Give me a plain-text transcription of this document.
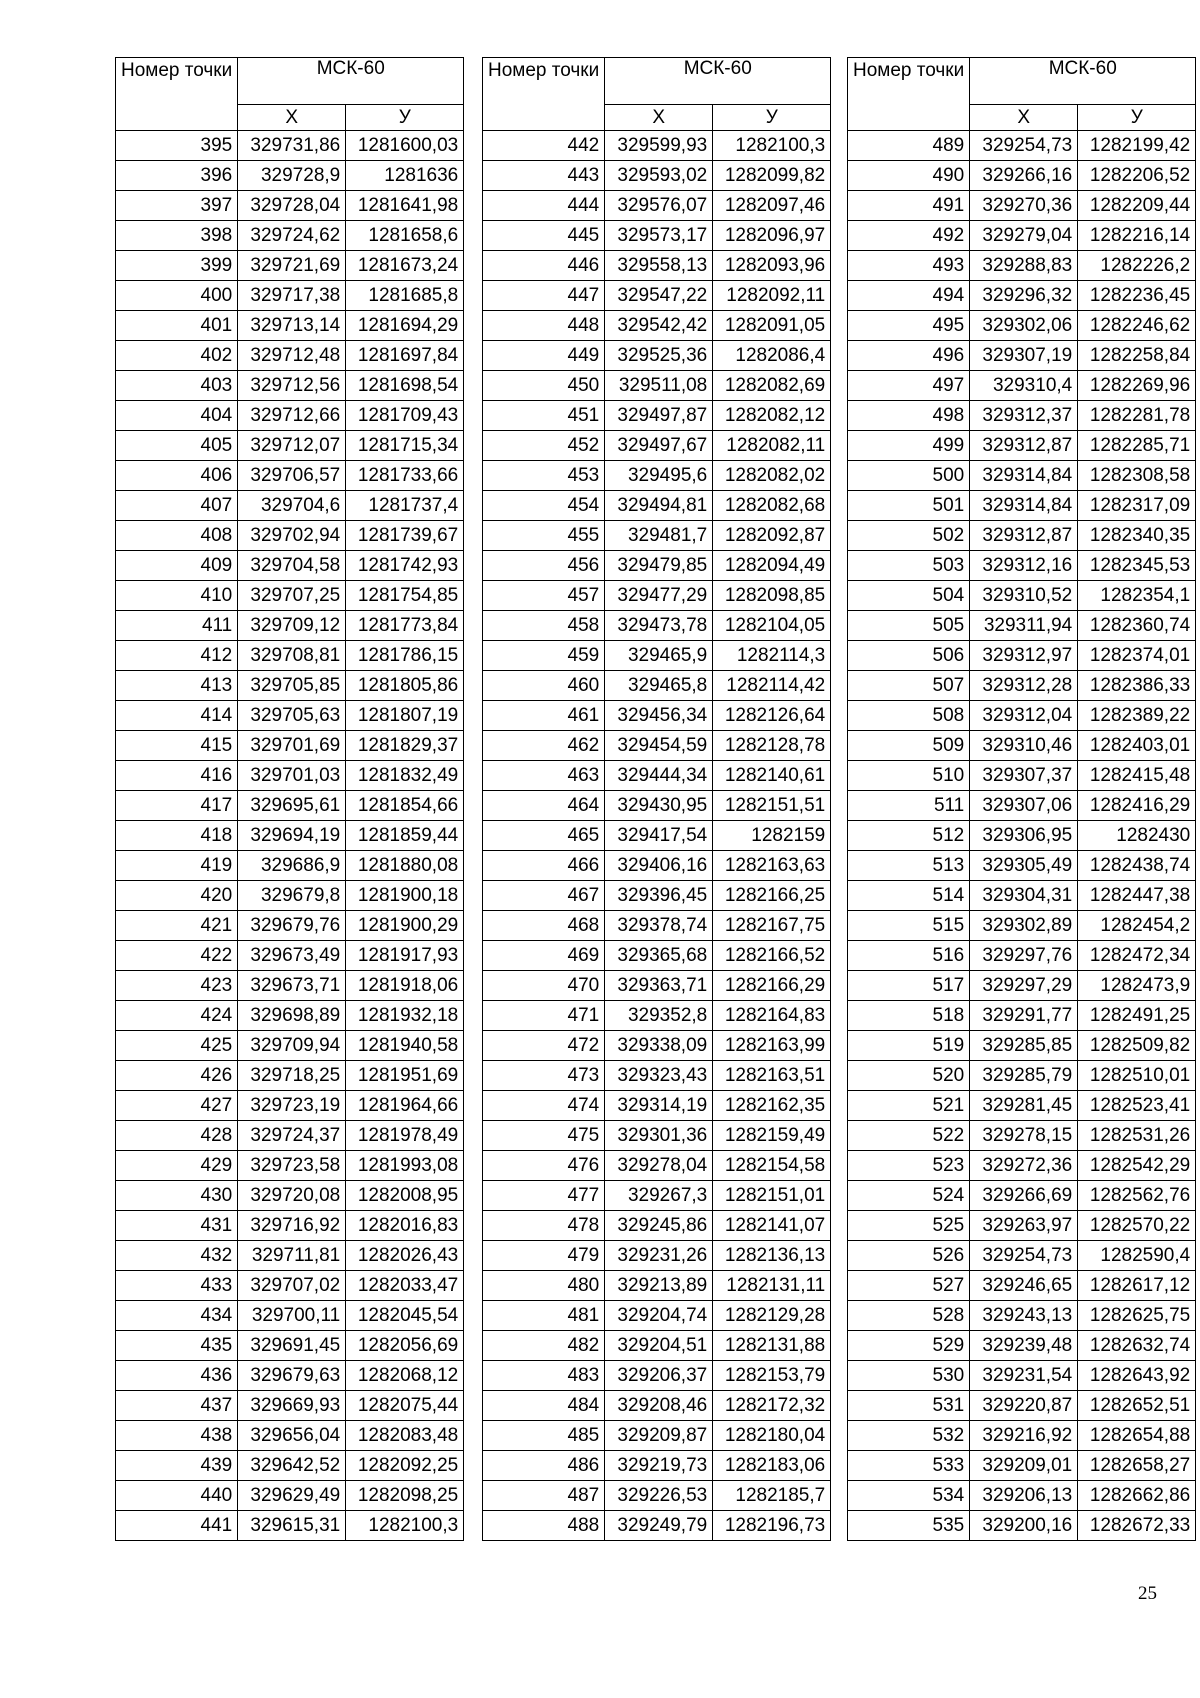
Номер точки	МСК-60	
	Х	У
395	329731,86	1281600,03
396	329728,9	1281636
397	329728,04	1281641,98
398	329724,62	1281658,6
399	329721,69	1281673,24
400	329717,38	1281685,8
401	329713,14	1281694,29
402	329712,48	1281697,84
403	329712,56	1281698,54
404	329712,66	1281709,43
405	329712,07	1281715,34
406	329706,57	1281733,66
407	329704,6	1281737,4
408	329702,94	1281739,67
409	329704,58	1281742,93
410	329707,25	1281754,85
411	329709,12	1281773,84
412	329708,81	1281786,15
413	329705,85	1281805,86
414	329705,63	1281807,19
415	329701,69	1281829,37
416	329701,03	1281832,49
417	329695,61	1281854,66
418	329694,19	1281859,44
419	329686,9	1281880,08
420	329679,8	1281900,18
421	329679,76	1281900,29
422	329673,49	1281917,93
423	329673,71	1281918,06
424	329698,89	1281932,18
425	329709,94	1281940,58
426	329718,25	1281951,69
427	329723,19	1281964,66
428	329724,37	1281978,49
429	329723,58	1281993,08
430	329720,08	1282008,95
431	329716,92	1282016,83
432	329711,81	1282026,43
433	329707,02	1282033,47
434	329700,11	1282045,54
435	329691,45	1282056,69
436	329679,63	1282068,12
437	329669,93	1282075,44
438	329656,04	1282083,48
439	329642,52	1282092,25
440	329629,49	1282098,25
441	329615,31	1282100,3
Номер точки	МСК-60	
	Х	У
442	329599,93	1282100,3
443	329593,02	1282099,82
444	329576,07	1282097,46
445	329573,17	1282096,97
446	329558,13	1282093,96
447	329547,22	1282092,11
448	329542,42	1282091,05
449	329525,36	1282086,4
450	329511,08	1282082,69
451	329497,87	1282082,12
452	329497,67	1282082,11
453	329495,6	1282082,02
454	329494,81	1282082,68
455	329481,7	1282092,87
456	329479,85	1282094,49
457	329477,29	1282098,85
458	329473,78	1282104,05
459	329465,9	1282114,3
460	329465,8	1282114,42
461	329456,34	1282126,64
462	329454,59	1282128,78
463	329444,34	1282140,61
464	329430,95	1282151,51
465	329417,54	1282159
466	329406,16	1282163,63
467	329396,45	1282166,25
468	329378,74	1282167,75
469	329365,68	1282166,52
470	329363,71	1282166,29
471	329352,8	1282164,83
472	329338,09	1282163,99
473	329323,43	1282163,51
474	329314,19	1282162,35
475	329301,36	1282159,49
476	329278,04	1282154,58
477	329267,3	1282151,01
478	329245,86	1282141,07
479	329231,26	1282136,13
480	329213,89	1282131,11
481	329204,74	1282129,28
482	329204,51	1282131,88
483	329206,37	1282153,79
484	329208,46	1282172,32
485	329209,87	1282180,04
486	329219,73	1282183,06
487	329226,53	1282185,7
488	329249,79	1282196,73
Номер точки	МСК-60	
	Х	У
489	329254,73	1282199,42
490	329266,16	1282206,52
491	329270,36	1282209,44
492	329279,04	1282216,14
493	329288,83	1282226,2
494	329296,32	1282236,45
495	329302,06	1282246,62
496	329307,19	1282258,84
497	329310,4	1282269,96
498	329312,37	1282281,78
499	329312,87	1282285,71
500	329314,84	1282308,58
501	329314,84	1282317,09
502	329312,87	1282340,35
503	329312,16	1282345,53
504	329310,52	1282354,1
505	329311,94	1282360,74
506	329312,97	1282374,01
507	329312,28	1282386,33
508	329312,04	1282389,22
509	329310,46	1282403,01
510	329307,37	1282415,48
511	329307,06	1282416,29
512	329306,95	1282430
513	329305,49	1282438,74
514	329304,31	1282447,38
515	329302,89	1282454,2
516	329297,76	1282472,34
517	329297,29	1282473,9
518	329291,77	1282491,25
519	329285,85	1282509,82
520	329285,79	1282510,01
521	329281,45	1282523,41
522	329278,15	1282531,26
523	329272,36	1282542,29
524	329266,69	1282562,76
525	329263,97	1282570,22
526	329254,73	1282590,4
527	329246,65	1282617,12
528	329243,13	1282625,75
529	329239,48	1282632,74
530	329231,54	1282643,92
531	329220,87	1282652,51
532	329216,92	1282654,88
533	329209,01	1282658,27
534	329206,13	1282662,86
535	329200,16	1282672,33
25
